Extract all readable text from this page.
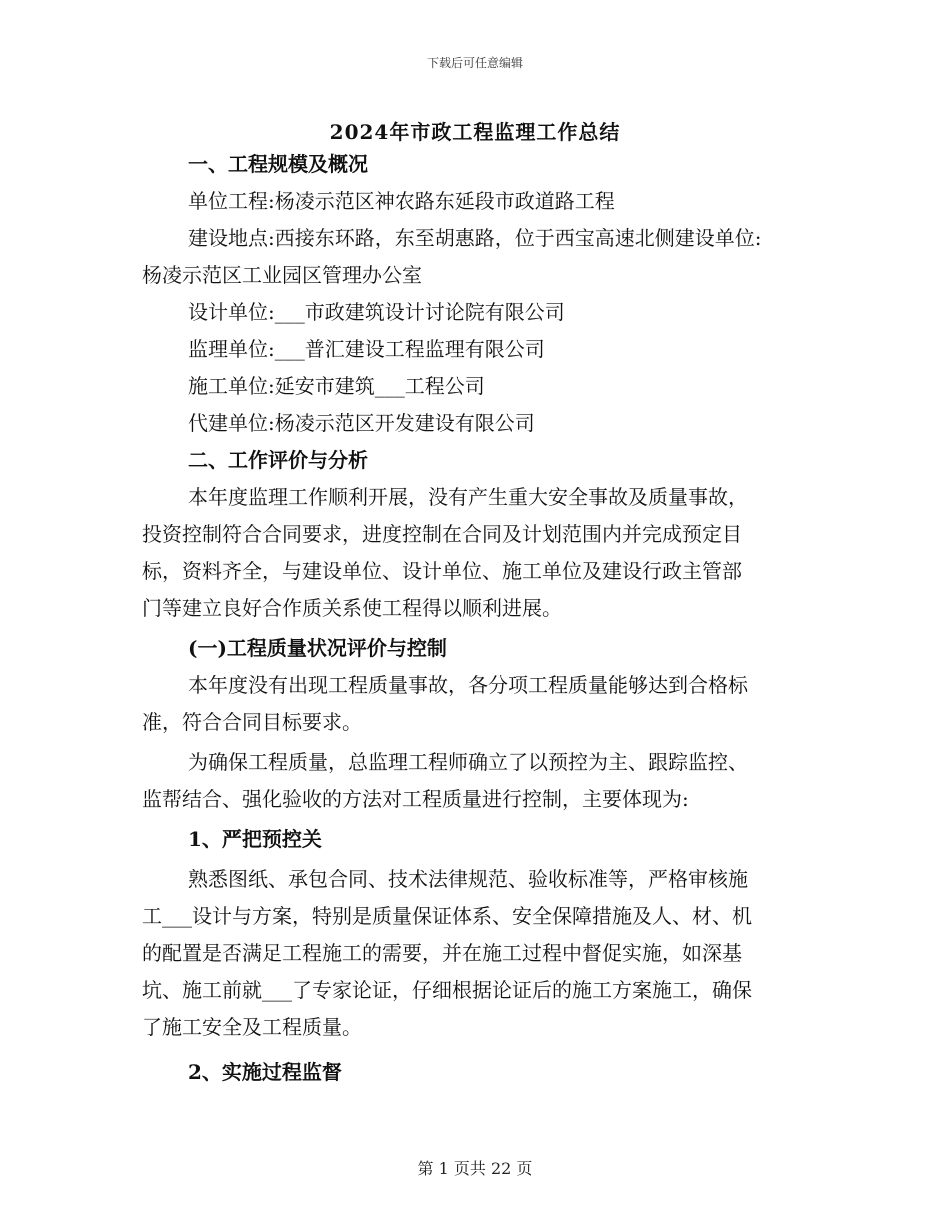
下载后可任意编辑
2024年市政工程监理工作总结
一、工程规模及概况
单位工程:杨凌示范区神农路东延段市政道路工程
建设地点:西接东环路，东至胡惠路，位于西宝高速北侧建设单位:
杨凌示范区工业园区管理办公室
设计单位:___市政建筑设计讨论院有限公司
监理单位:___普汇建设工程监理有限公司
施工单位:延安市建筑___工程公司
代建单位:杨凌示范区开发建设有限公司
二、工作评价与分析
本年度监理工作顺利开展，没有产生重大安全事故及质量事故，
投资控制符合合同要求，进度控制在合同及计划范围内并完成预定目
标，资料齐全，与建设单位、设计单位、施工单位及建设行政主管部
门等建立良好合作质关系使工程得以顺利进展。
(一)工程质量状况评价与控制
本年度没有出现工程质量事故，各分项工程质量能够达到合格标
准，符合合同目标要求。
为确保工程质量，总监理工程师确立了以预控为主、跟踪监控、
监帮结合、强化验收的方法对工程质量进行控制，主要体现为:
1、严把预控关
熟悉图纸、承包合同、技术法律规范、验收标准等，严格审核施
工___设计与方案，特别是质量保证体系、安全保障措施及人、材、机
的配置是否满足工程施工的需要，并在施工过程中督促实施，如深基
坑、施工前就___了专家论证，仔细根据论证后的施工方案施工，确保
了施工安全及工程质量。
2、实施过程监督
第 1 页共 22 页
